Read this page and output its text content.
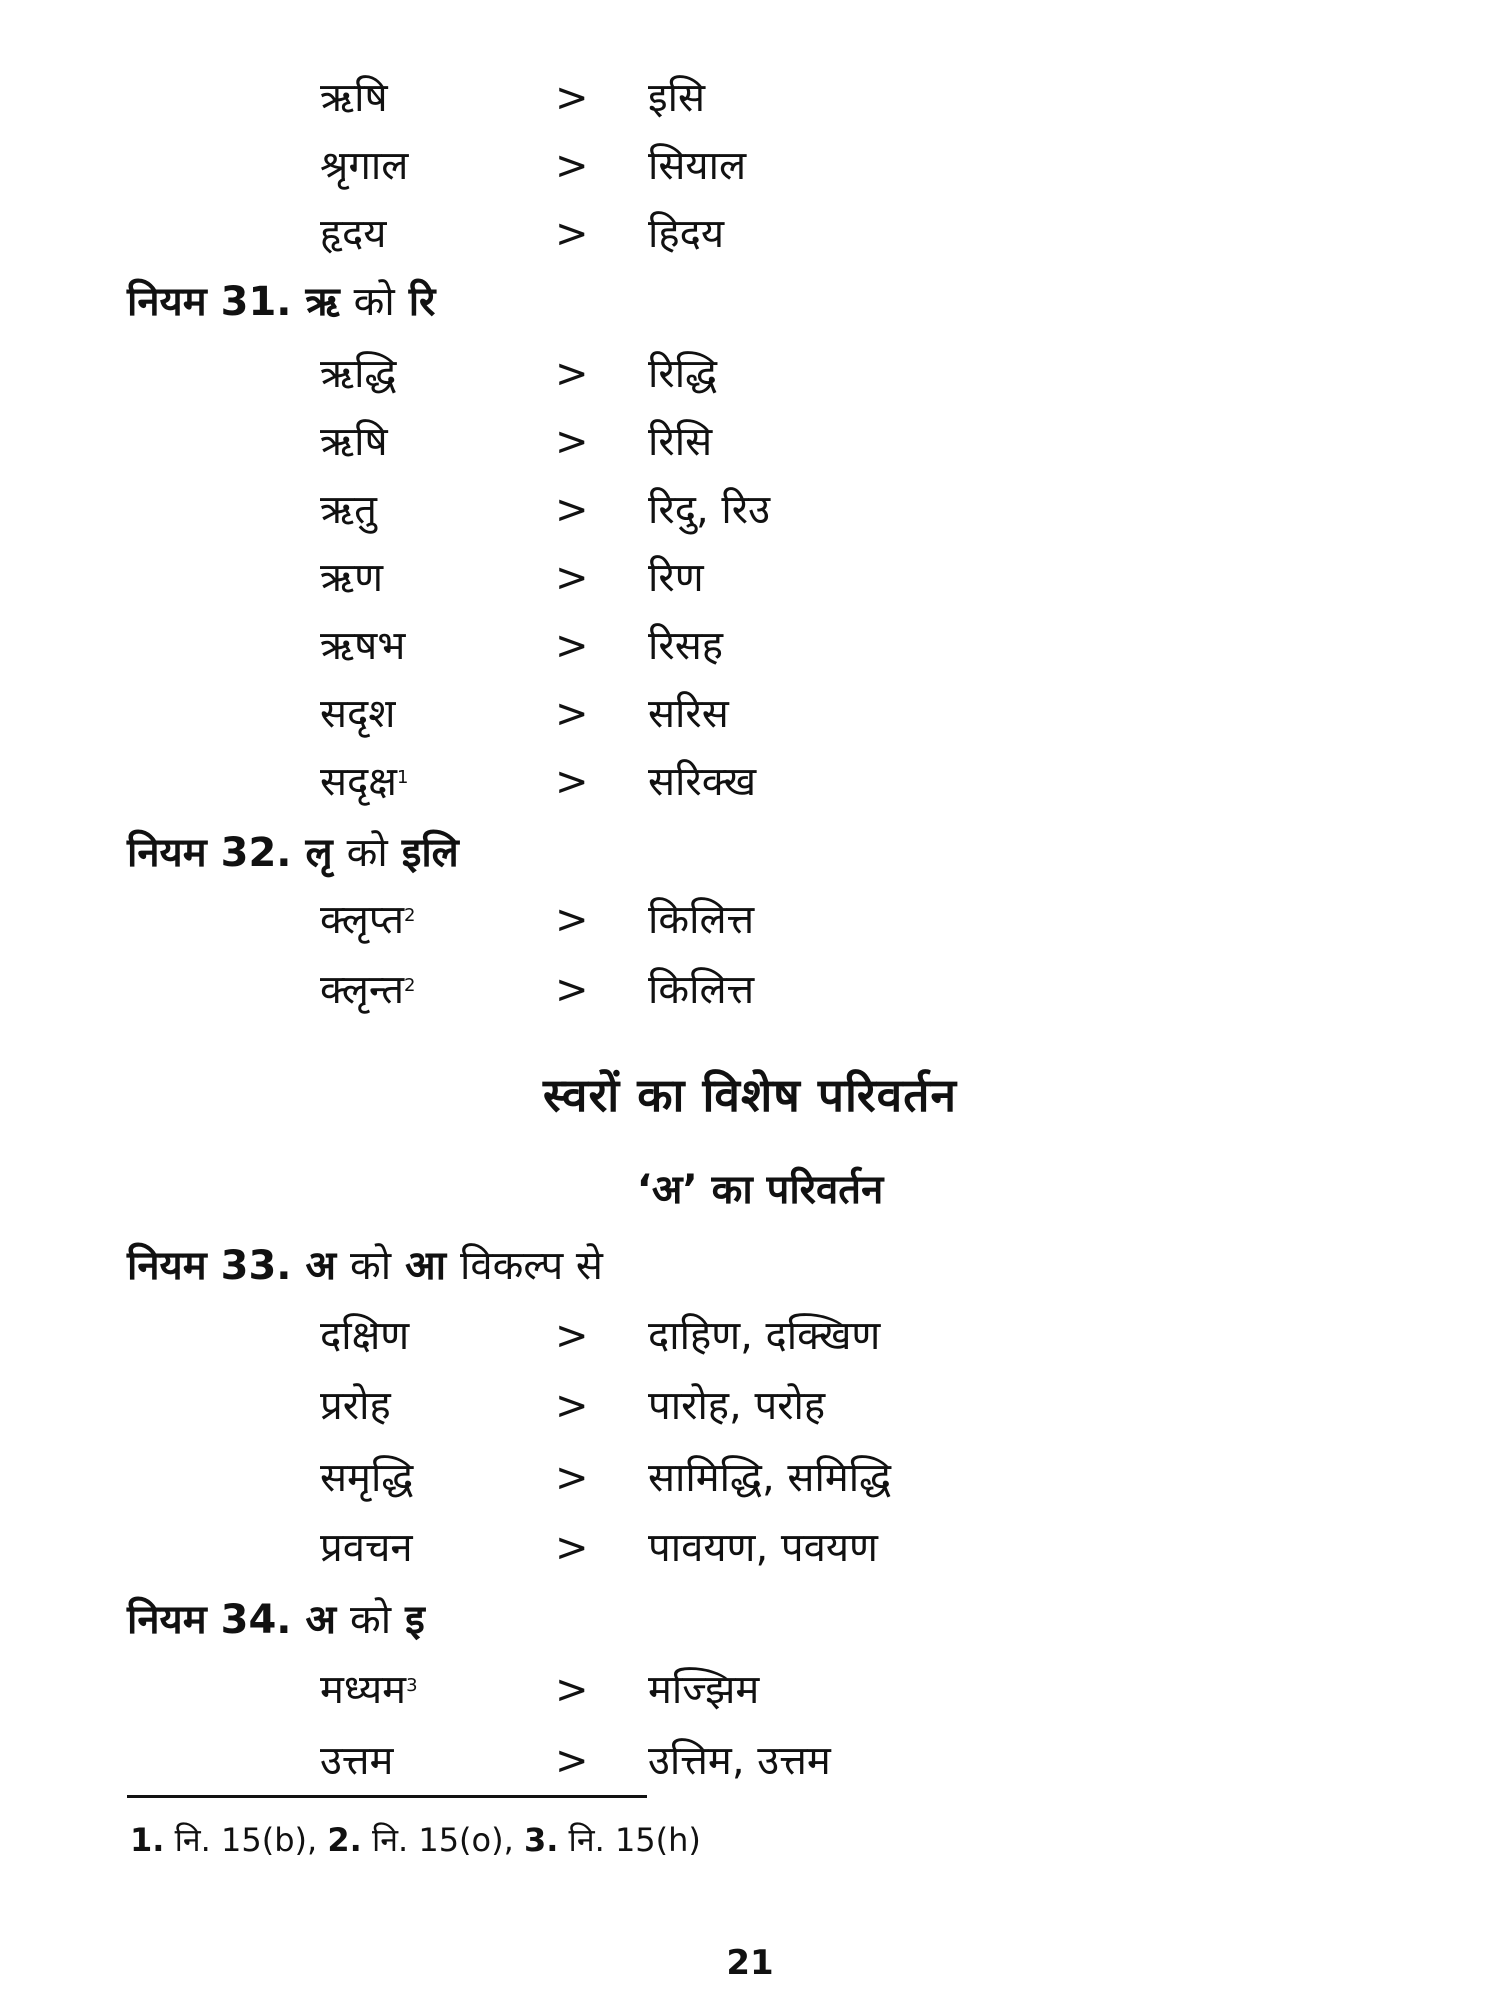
ऋषि	> इसि
श्रृगाल	> सियाल
हृदय	> हिदय
नियम 31. ऋ को रि
ऋद्धि	> रिद्धि
ऋषि	> रिसि
ऋतु	> रिदु, रिउ
ऋण	> रिण
ऋषभ	> रिसह
सदृश	> सरिस
सदृक्ष$^1$	> सरिक्ख
नियम 32. लृ को इलि
क्लृप्त$^2$	> किलित्त
क्लृन्त$^2$	> किलित्त
स्वरों का विशेष परिवर्तन
‘अ’ का परिवर्तन
नियम 33. अ को आ विकल्प से
दक्षिण	> दाहिण, दक्खिण
प्ररोह	> पारोह, परोह
समृद्धि	> सामिद्धि, समिद्धि
प्रवचन	> पावयण, पवयण
नियम 34. अ को इ
मध्यम$^3$	> मज्झिम
उत्तम	> उत्तिम, उत्तम
1. नि. 15(b), 2. नि. 15(o), 3. नि. 15(h)
21
